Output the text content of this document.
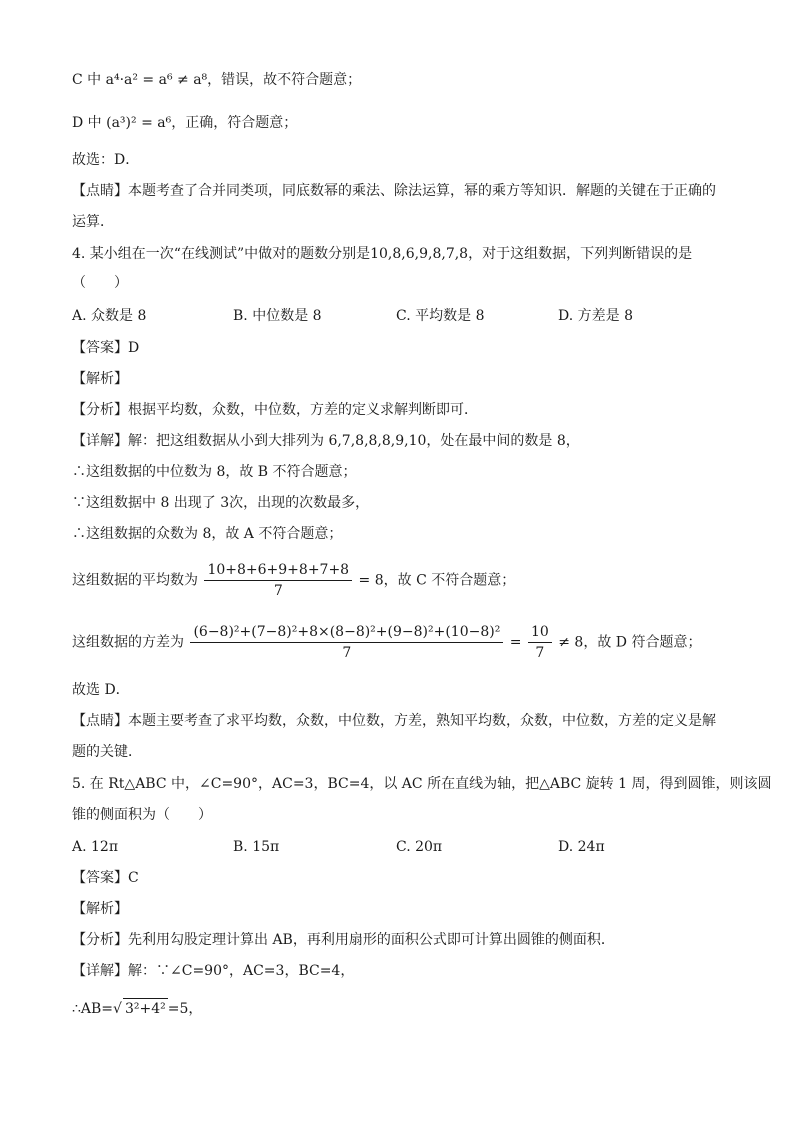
C 中 a⁴·a² = a⁶ ≠ a⁸，错误，故不符合题意；
D 中 (a³)² = a⁶，正确，符合题意；
故选：D．
【点睛】本题考查了合并同类项，同底数幂的乘法、除法运算，幂的乘方等知识．解题的关键在于正确的
运算．
4. 某小组在一次“在线测试”中做对的题数分别是10,8,6,9,8,7,8，对于这组数据，下列判断错误的是
（　　）
A. 众数是 8	B. 中位数是 8	C. 平均数是 8	D. 方差是 8
【答案】D
【解析】
【分析】根据平均数，众数，中位数，方差的定义求解判断即可．
【详解】解：把这组数据从小到大排列为 6,7,8,8,8,9,10，处在最中间的数是 8，
∴这组数据的中位数为 8，故 B 不符合题意；
∵这组数据中 8 出现了 3次，出现的次数最多，
∴这组数据的众数为 8，故 A 不符合题意；
这组数据的平均数为 $\frac{10+8+6+9+8+7+8}{7} = 8$，故 C 不符合题意；
这组数据的方差为 $\frac{\text{(6−8)²+(7−8)²+8×(8−8)²+(9−8)²+(10−8)²}}{7} = \frac{10}{7} \ne 8$，故 D 符合题意；
故选 D．
【点睛】本题主要考查了求平均数，众数，中位数，方差，熟知平均数，众数，中位数，方差的定义是解
题的关键．
5. 在 Rt△ABC 中，∠C=90°，AC=3，BC=4，以 AC 所在直线为轴，把△ABC 旋转 1 周，得到圆锥，则该圆
锥的侧面积为（　　）
A. 12π	B. 15π	C. 20π	D. 24π
【答案】C
【解析】
【分析】先利用勾股定理计算出 AB，再利用扇形的面积公式即可计算出圆锥的侧面积．
【详解】解：∵∠C=90°，AC=3，BC=4，
∴AB=√ 3²+4² =5，
